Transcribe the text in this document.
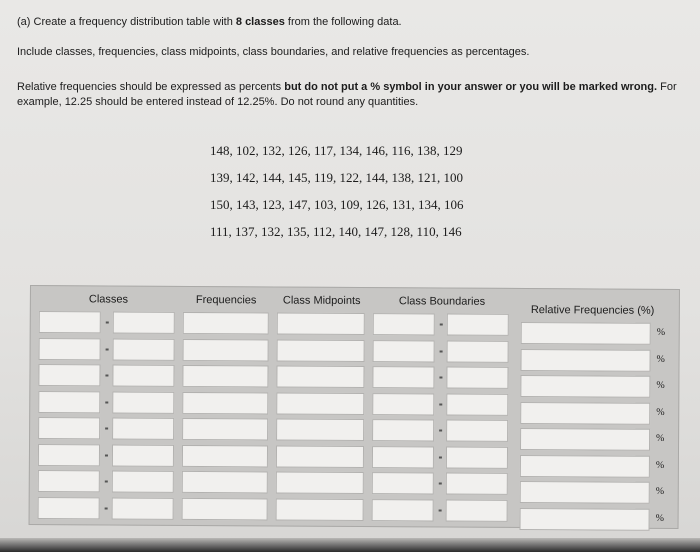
(a) Create a frequency distribution table with 8 classes from the following data.
Include classes, frequencies, class midpoints, class boundaries, and relative frequencies as percentages.
Relative frequencies should be expressed as percents but do not put a % symbol in your answer or you will be marked wrong. For example, 12.25 should be entered instead of 12.25%. Do not round any quantities.
148, 102, 132, 126, 117, 134, 146, 116, 138, 129
139, 142, 144, 145, 119, 122, 144, 138, 121, 100
150, 143, 123, 147, 103, 109, 126, 131, 134, 106
111, 137, 132, 135, 112, 140, 147, 128, 110, 146
Classes	Frequencies Class Midpoints	Class Boundaries
Relative Frequencies (%)
%
%
%
%
%
%
%
%
